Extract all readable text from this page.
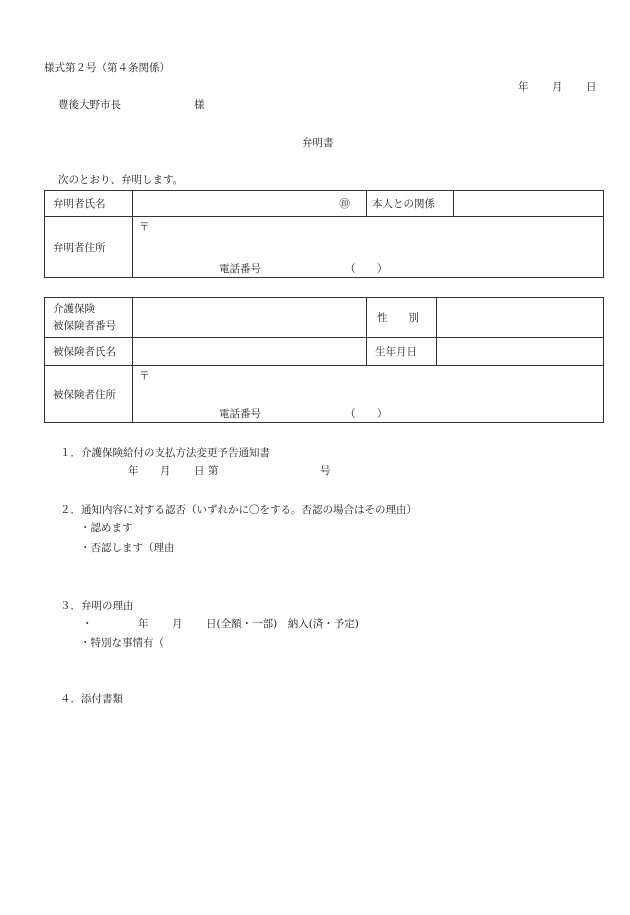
様式第２号（第４条関係）
年 月 日
豊後大野市長	様
弁明書
次のとおり、弁明します。
弁明者氏名	㊞	本人との関係	
弁明者住所	〒
電話番号 （ ）		
介護保険
被保険者番号		性　　別	
被保険者氏名		生年月日	
被保険者住所	〒
電話番号 （ ）		
１．介護保険給付の支払方法変更予告通知書
年 月 日 第	号
２．通知内容に対する認否（いずれかに〇をする。否認の場合はその理由）
・認めます
・否認します（理由
３．弁明の理由
・	年 月 日(全額・一部)　納入(済・予定)
・特別な事情有（
４．添付書類
